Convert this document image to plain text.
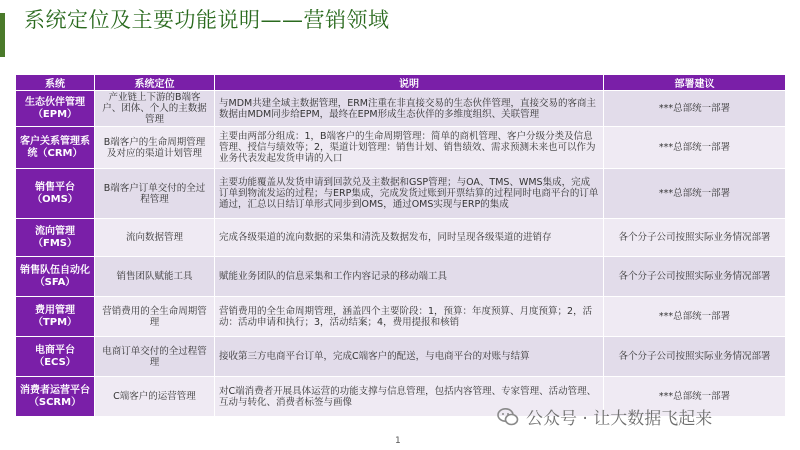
系统定位及主要功能说明——营销领域
系统	系统定位	说明	部署建议
生态伙伴管理（EPM）	产业链上下游的B端客户、团体、个人的主数据管理	与MDM共建全域主数据管理，ERM注重在非直接交易的生态伙伴管理，直接交易的客商主数据由MDM同步给EPM，最终在EPM形成生态伙伴的多维度组织、关联管理	***总部统一部署
客户关系管理系统（CRM）	B端客户的生命周期管理及对应的渠道计划管理	主要由两部分组成：1，B端客户的生命周期管理：简单的商机管理、客户分级分类及信息管理、授信与绩效等；2，渠道计划管理：销售计划、销售绩效、需求预测未来也可以作为业务代表发起发货申请的入口	***总部统一部署
销售平台（OMS）	B端客户订单交付的全过程管理	主要功能覆盖从发货申请到回款兑及主数据和GSP管理；与OA、TMS、WMS集成，完成订单到物流发运的过程；与ERP集成，完成发货过账到开票结算的过程同时电商平台的订单通过，汇总以日结订单形式同步到OMS，通过OMS实现与ERP的集成	***总部统一部署
流向管理（FMS）	流向数据管理	完成各级渠道的流向数据的采集和清洗及数据发布，同时呈现各级渠道的进销存	各个分子公司按照实际业务情况部署
销售队伍自动化（SFA）	销售团队赋能工具	赋能业务团队的信息采集和工作内容记录的移动端工具	各个分子公司按照实际业务情况部署
费用管理（TPM）	营销费用的全生命周期管理	营销费用的全生命周期管理，涵盖四个主要阶段：1，预算：年度预算、月度预算；2，活动：活动申请和执行；3，活动结案；4，费用提报和核销	***总部统一部署
电商平台（ECS）	电商订单交付的全过程管理	接收第三方电商平台订单，完成C端客户的配送，与电商平台的对账与结算	各个分子公司按照实际业务情况部署
消费者运营平台（SCRM）	C端客户的运营管理	对C端消费者开展具体运营的功能支撑与信息管理，包括内容管理、专家管理、活动管理、互动与转化、消费者标签与画像	***总部统一部署
公众号 · 让大数据飞起来
1
